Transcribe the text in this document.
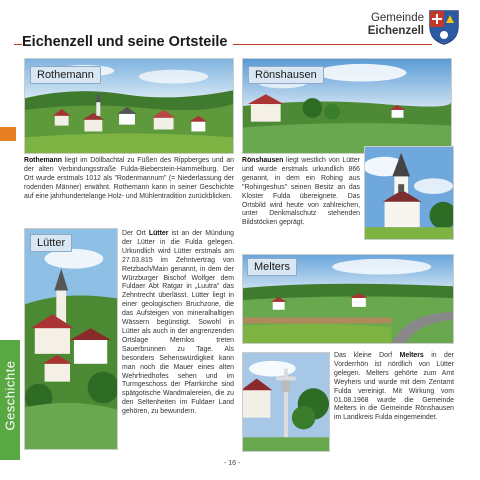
Gemeinde
Eichenzell
Eichenzell und seine Ortsteile
Geschichte
Rothemann	Rönshausen
Rothemann liegt im Döllbachtal zu Füßen des Rippberges und an der alten Verbindungsstraße Fulda-Bieberstein-Hammelburg. Der Ort wurde erstmals 1012 als "Rodenmannum" (= Niederlassung der rodenden Männer) erwähnt. Rothemann kann in seiner Geschichte auf eine jahrhundertelange Holz- und Mühlentradition zurückblicken.
Rönshausen liegt westlich von Lütter und wurde erstmals urkundlich 866 genannt, in dem ein Rohing aus "Rohingeshus" seinen Besitz an das Kloster Fulda übereignete. Das Ortsbild wird heute von zahlreichen, unter Denkmalschutz stehenden Bildstöcken geprägt.
Lütter
Der Ort Lütter ist an der Mündung der Lütter in die Fulda gelegen. Urkundlich wird Lütter erstmals am 27.03.815 im Zehntvertrag von Retzbach/Main genannt, in dem der Würzburger Bischof Wolfger dem Fuldaer Abt Ratgar in „Luutra" das Zehntrecht überlässt. Lütter liegt in einer geologischen Bruchzone, die das Aufsteigen von mineralhaltigen Wässern begünstigt. Sowohl in Lütter als auch in der angrenzenden Ortslage Mernlos treten Sauerbrunnen zu Tage. Als besonders Sehenswürdigkeit kann man noch die Mauer eines alten Wehrfriedhofes sehen und im Turmgeschoss der Pfarrkirche sind spätgotische Wandmalereien, die zu den Seltenheiten im Fuldaer Land gehören, zu bewundern.
Melters
Das kleine Dorf Melters in der Vorderrhön ist nördlich von Lütter gelegen. Melters gehörte zum Amt Weyhers und wurde mit dem Zentamt Fulda vereinigt. Mit Wirkung vom 01.08.1968 wurde die Gemeinde Melters in die Gemeinde Rönshausen im Landkreis Fulda eingemeindet.
- 16 -
